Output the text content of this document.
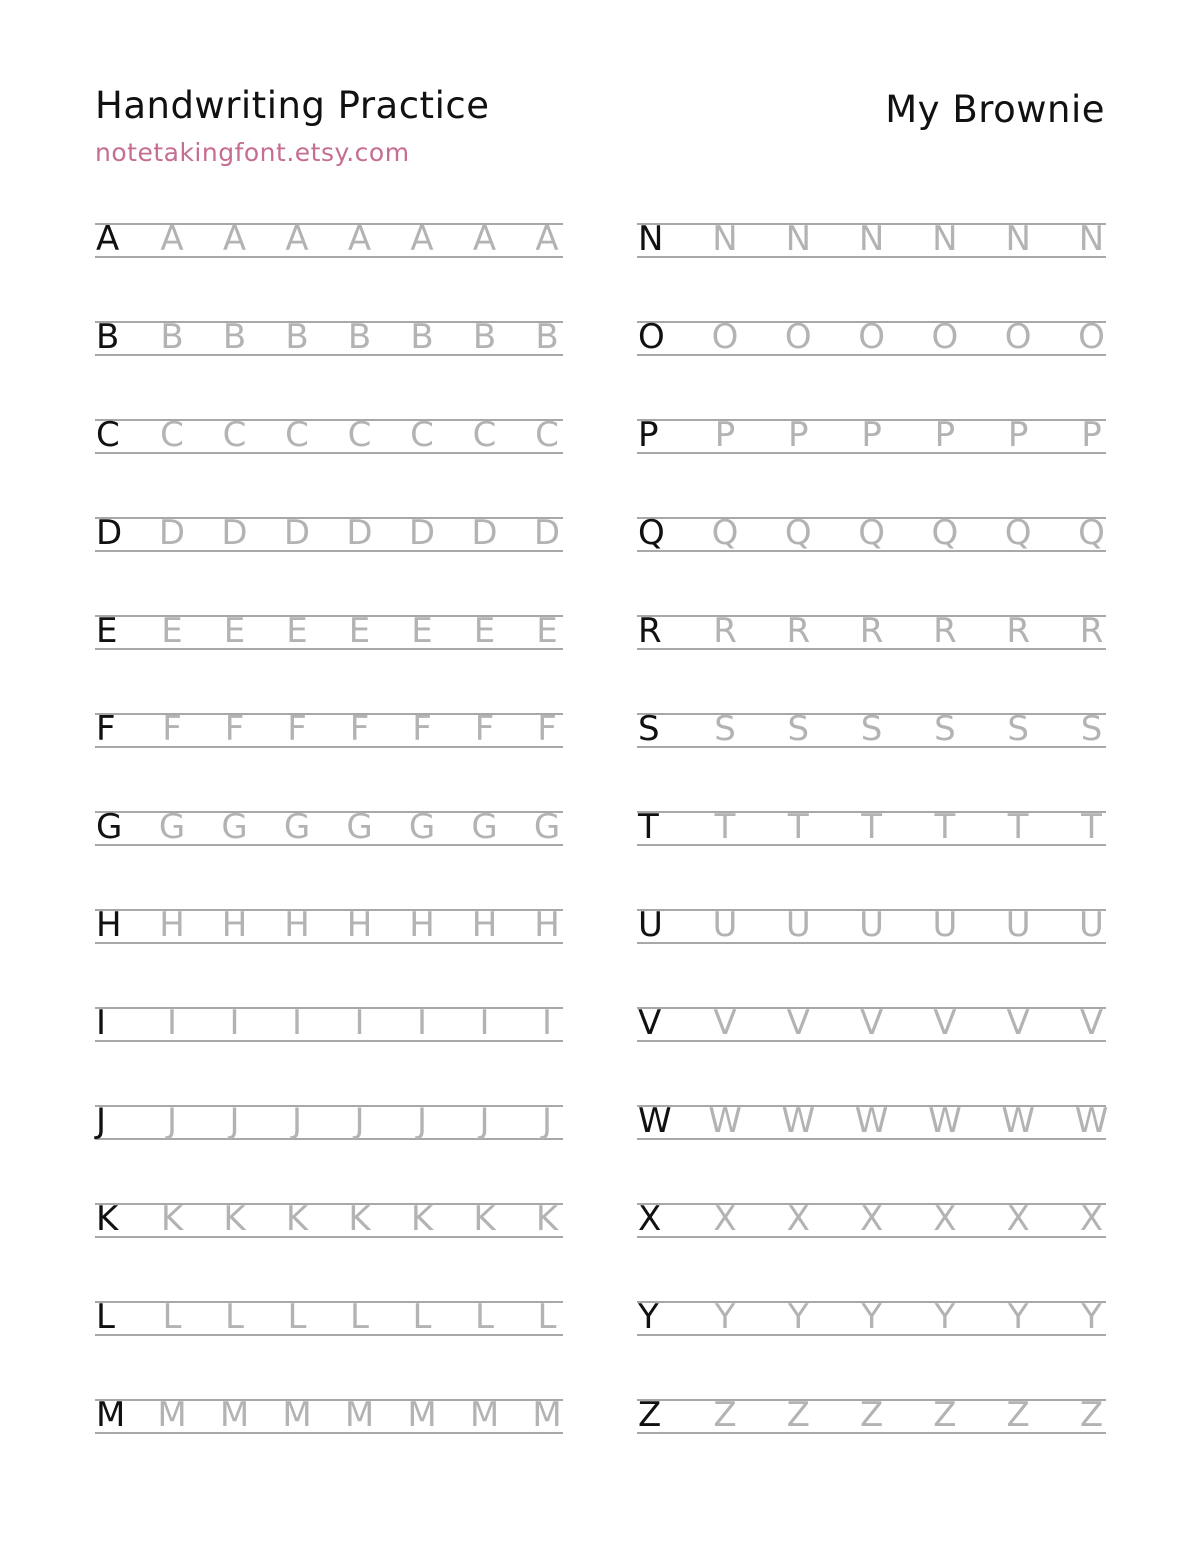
Handwriting Practice
notetakingfont.etsy.com
My Brownie
A A A A A A A A
B B B B B B B B
C C C C C C C C
D D D D D D D D
E E E E E E E E
F	F	F	F	F	F	F	F
G G G G G G G G
H H H H H H H H
I	I	I	I	I	I	I	I
J	J	J	J	J	J	J	J
K K K K K K K K
L	L	L	L	L	L	L	L
M M M M M M M M
N N N N N N N
O O O O O O O
P P P P P P P
Q Q Q Q Q Q Q
R R R R R R R
S S S S S S S
T T T T T T T
U U U U U U U
V V V V V V V
W W W W W W W
X X X X X X X
Y Y Y Y Y Y Y
Z Z Z Z Z Z Z
